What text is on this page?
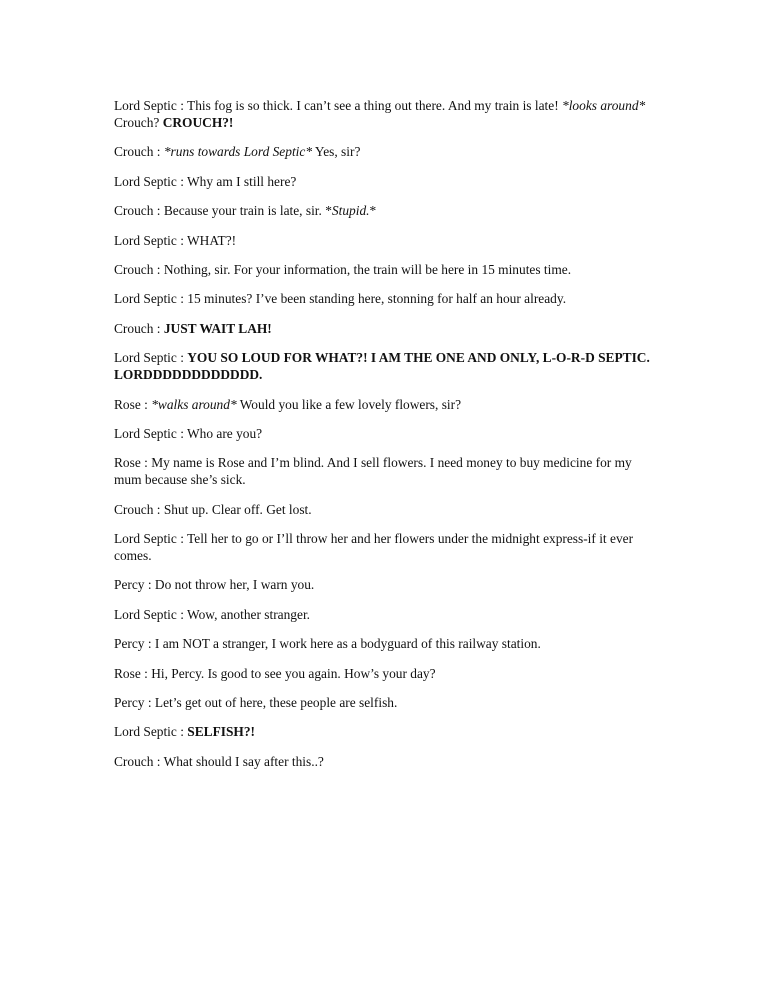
Lord Septic : This fog is so thick. I can’t see a thing out there. And my train is late! *looks around* Crouch? CROUCH?!

Crouch : *runs towards Lord Septic* Yes, sir?

Lord Septic : Why am I still here?

Crouch : Because your train is late, sir. *Stupid.*

Lord Septic : WHAT?!

Crouch : Nothing, sir. For your information, the train will be here in 15 minutes time.

Lord Septic : 15 minutes? I’ve been standing here, stonning for half an hour already.

Crouch : JUST WAIT LAH!

Lord Septic : YOU SO LOUD FOR WHAT?! I AM THE ONE AND ONLY, L-O-R-D SEPTIC. LORDDDDDDDDDDDD.

Rose : *walks around* Would you like a few lovely flowers, sir?

Lord Septic : Who are you?

Rose : My name is Rose and I’m blind. And I sell flowers. I need money to buy medicine for my mum because she’s sick.

Crouch : Shut up. Clear off. Get lost.

Lord Septic : Tell her to go or I’ll throw her and her flowers under the midnight express-if it ever comes.

Percy : Do not throw her, I warn you.

Lord Septic : Wow, another stranger.

Percy : I am NOT a stranger, I work here as a bodyguard of this railway station.

Rose : Hi, Percy. Is good to see you again. How’s your day?

Percy : Let’s get out of here, these people are selfish.

Lord Septic : SELFISH?!

Crouch : What should I say after this..?
